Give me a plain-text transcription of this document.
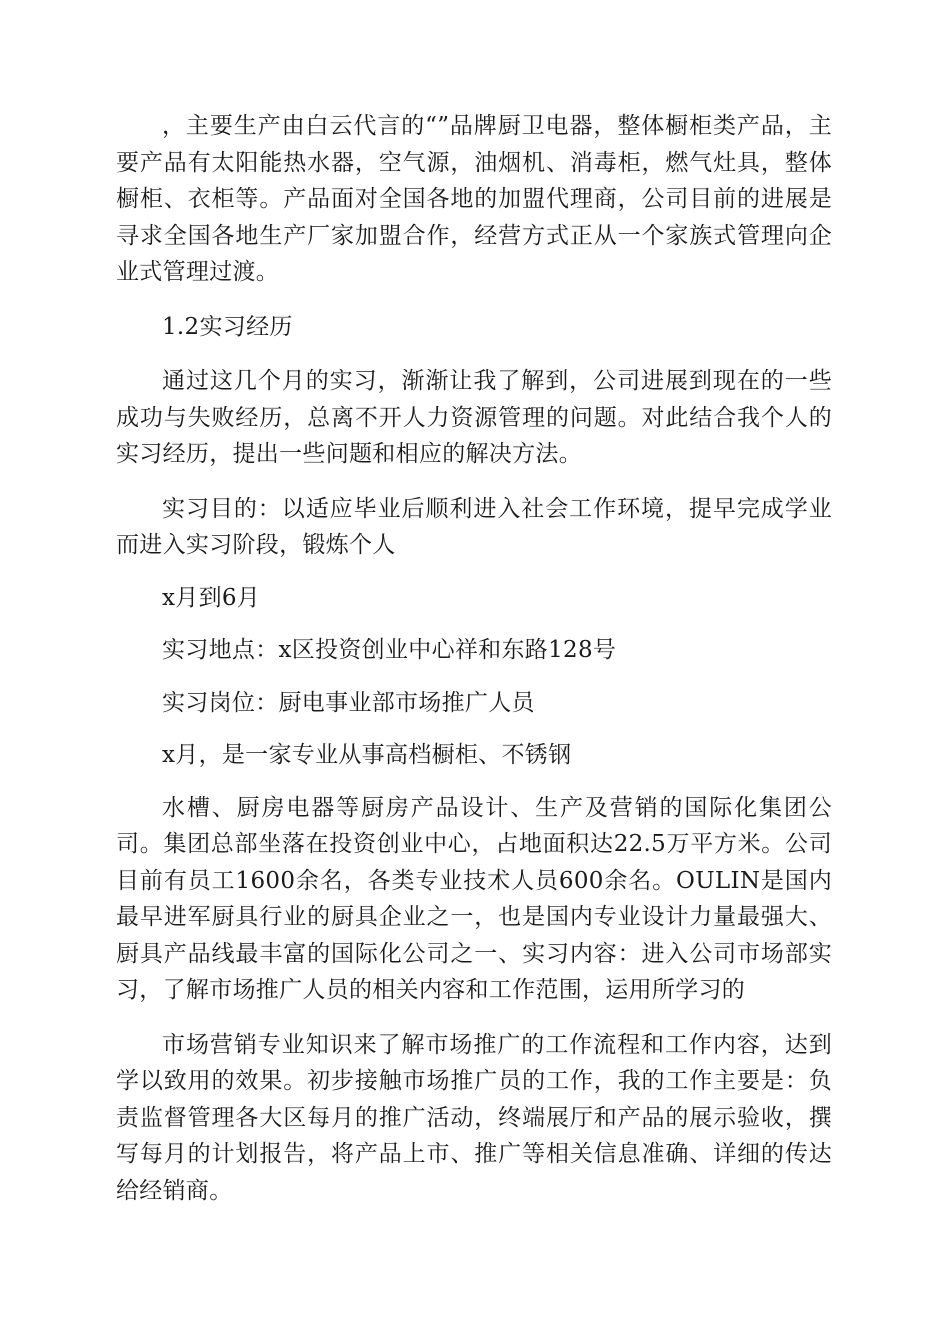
，主要生产由白云代言的“”品牌厨卫电器，整体橱柜类产品，主要产品有太阳能热水器，空气源，油烟机、消毒柜，燃气灶具，整体橱柜、衣柜等。产品面对全国各地的加盟代理商，公司目前的进展是寻求全国各地生产厂家加盟合作，经营方式正从一个家族式管理向企业式管理过渡。

1.2实习经历

通过这几个月的实习，渐渐让我了解到，公司进展到现在的一些成功与失败经历，总离不开人力资源管理的问题。对此结合我个人的实习经历，提出一些问题和相应的解决方法。

实习目的：以适应毕业后顺利进入社会工作环境，提早完成学业而进入实习阶段，锻炼个人

x月到6月

实习地点：x区投资创业中心祥和东路128号

实习岗位：厨电事业部市场推广人员

x月，是一家专业从事高档橱柜、不锈钢

水槽、厨房电器等厨房产品设计、生产及营销的国际化集团公司。集团总部坐落在投资创业中心，占地面积达22.5万平方米。公司目前有员工1600余名，各类专业技术人员600余名。OULIN是国内最早进军厨具行业的厨具企业之一，也是国内专业设计力量最强大、厨具产品线最丰富的国际化公司之一、实习内容：进入公司市场部实习，了解市场推广人员的相关内容和工作范围，运用所学习的

市场营销专业知识来了解市场推广的工作流程和工作内容，达到学以致用的效果。初步接触市场推广员的工作，我的工作主要是：负责监督管理各大区每月的推广活动，终端展厅和产品的展示验收，撰写每月的计划报告，将产品上市、推广等相关信息准确、详细的传达给经销商。
